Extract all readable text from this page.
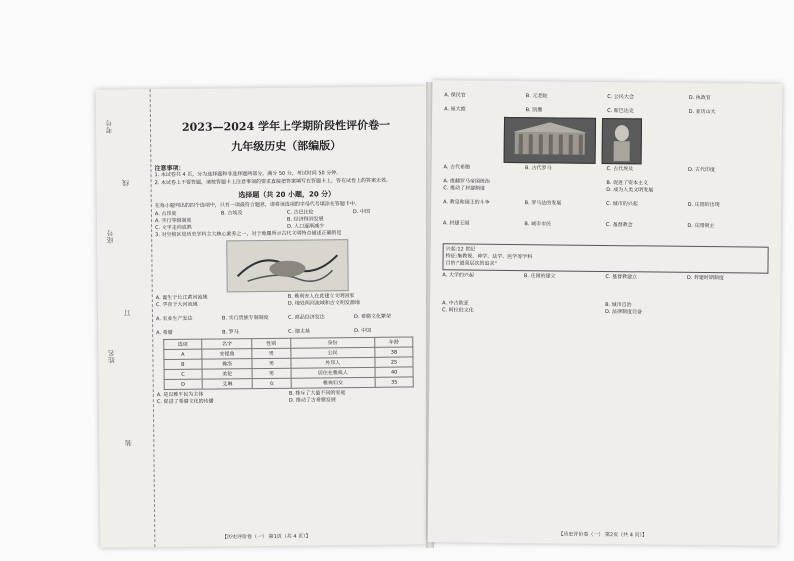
考号
座号
姓名
线
订
装
2023—2024 学年上学期阶段性评价卷一
九年级历史（部编版）
注意事项：

1. 本试卷共 4 页，分为选择题和非选择题两部分，满分 50 分，考试时间 50 分钟。

2. 本试卷上不要答题，请按答题卡上注意事项的要求直接把答案填写在答题卡上，答在试卷上的答案无效。

选择题（共 20 小题，20 分）

在每小题列出的四个选项中，只有一项最符合题意，请将该选项的字母代号填涂在答题卡中。

A. 古印度	B. 古埃及	C. 古巴比伦	D. 中国
A. 实行等级制度	B. 经济得到发展
C. 文字走向成熟	D. 人口逐渐减少

3. 对空格区是历史学科主大核心素养之一，对于地图所示古代文明特点描述正确的是

A. 诞生于长江黄河流域	B. 雅利安人在此建立文明国家
C. 孕育于大河流域	D. 地处两河流域和古文明发源地
A. 农业生产发达	B. 实行贵族专制制度	C. 商品经济发达	D. 希腊文化繁荣
A. 希腊	B. 罗马	C. 迦太基	D. 中国
选项	名字	性别	身份	年龄
A	安提鲁	男	公民	38
B	佛洛	男	外邦人	25
C	美伦	男	居住在雅典人	40
D	艾琳	女	雅典妇女	35
A. 是以雅平民为主体	B. 排斥了大量不同的家庭
C. 促进了希腊文化的传播	D. 推动了古希腊发展
【历史评价卷（一） 第1页（共 4 页）】
A. 保民官	B. 元老院	C. 公民大会	D. 执政官
A. 屋大维	B. 凯撒	C. 斯巴达克	D. 亚历山大
A. 古代希腊	B. 古代罗马	C. 古代埃及	D. 古代印度
A. 推翻罗马帝国统治	B. 促进了资本主义
C. 推动了封建制度	D. 成为人类文明发展
A. 教皇和国王的斗争	B. 罗马法的发展	C. 城市的兴起	D. 庄园的出现
A. 封建王国	B. 城市市民	C. 基督教会	D. 庄园领主
兴起:12 世纪
特征:集教规、神学、法学、医学等学科
目的:"最高层次的追求"
A. 大学的兴起	B. 庄园的建立	C. 基督教建立	D. 封建时期制度
A. 中古欧亚	B. 城市自治
C. 阿拉伯文化	D. 法律制度完备
【历史评价卷（一） 第2页（共 4 页）】
